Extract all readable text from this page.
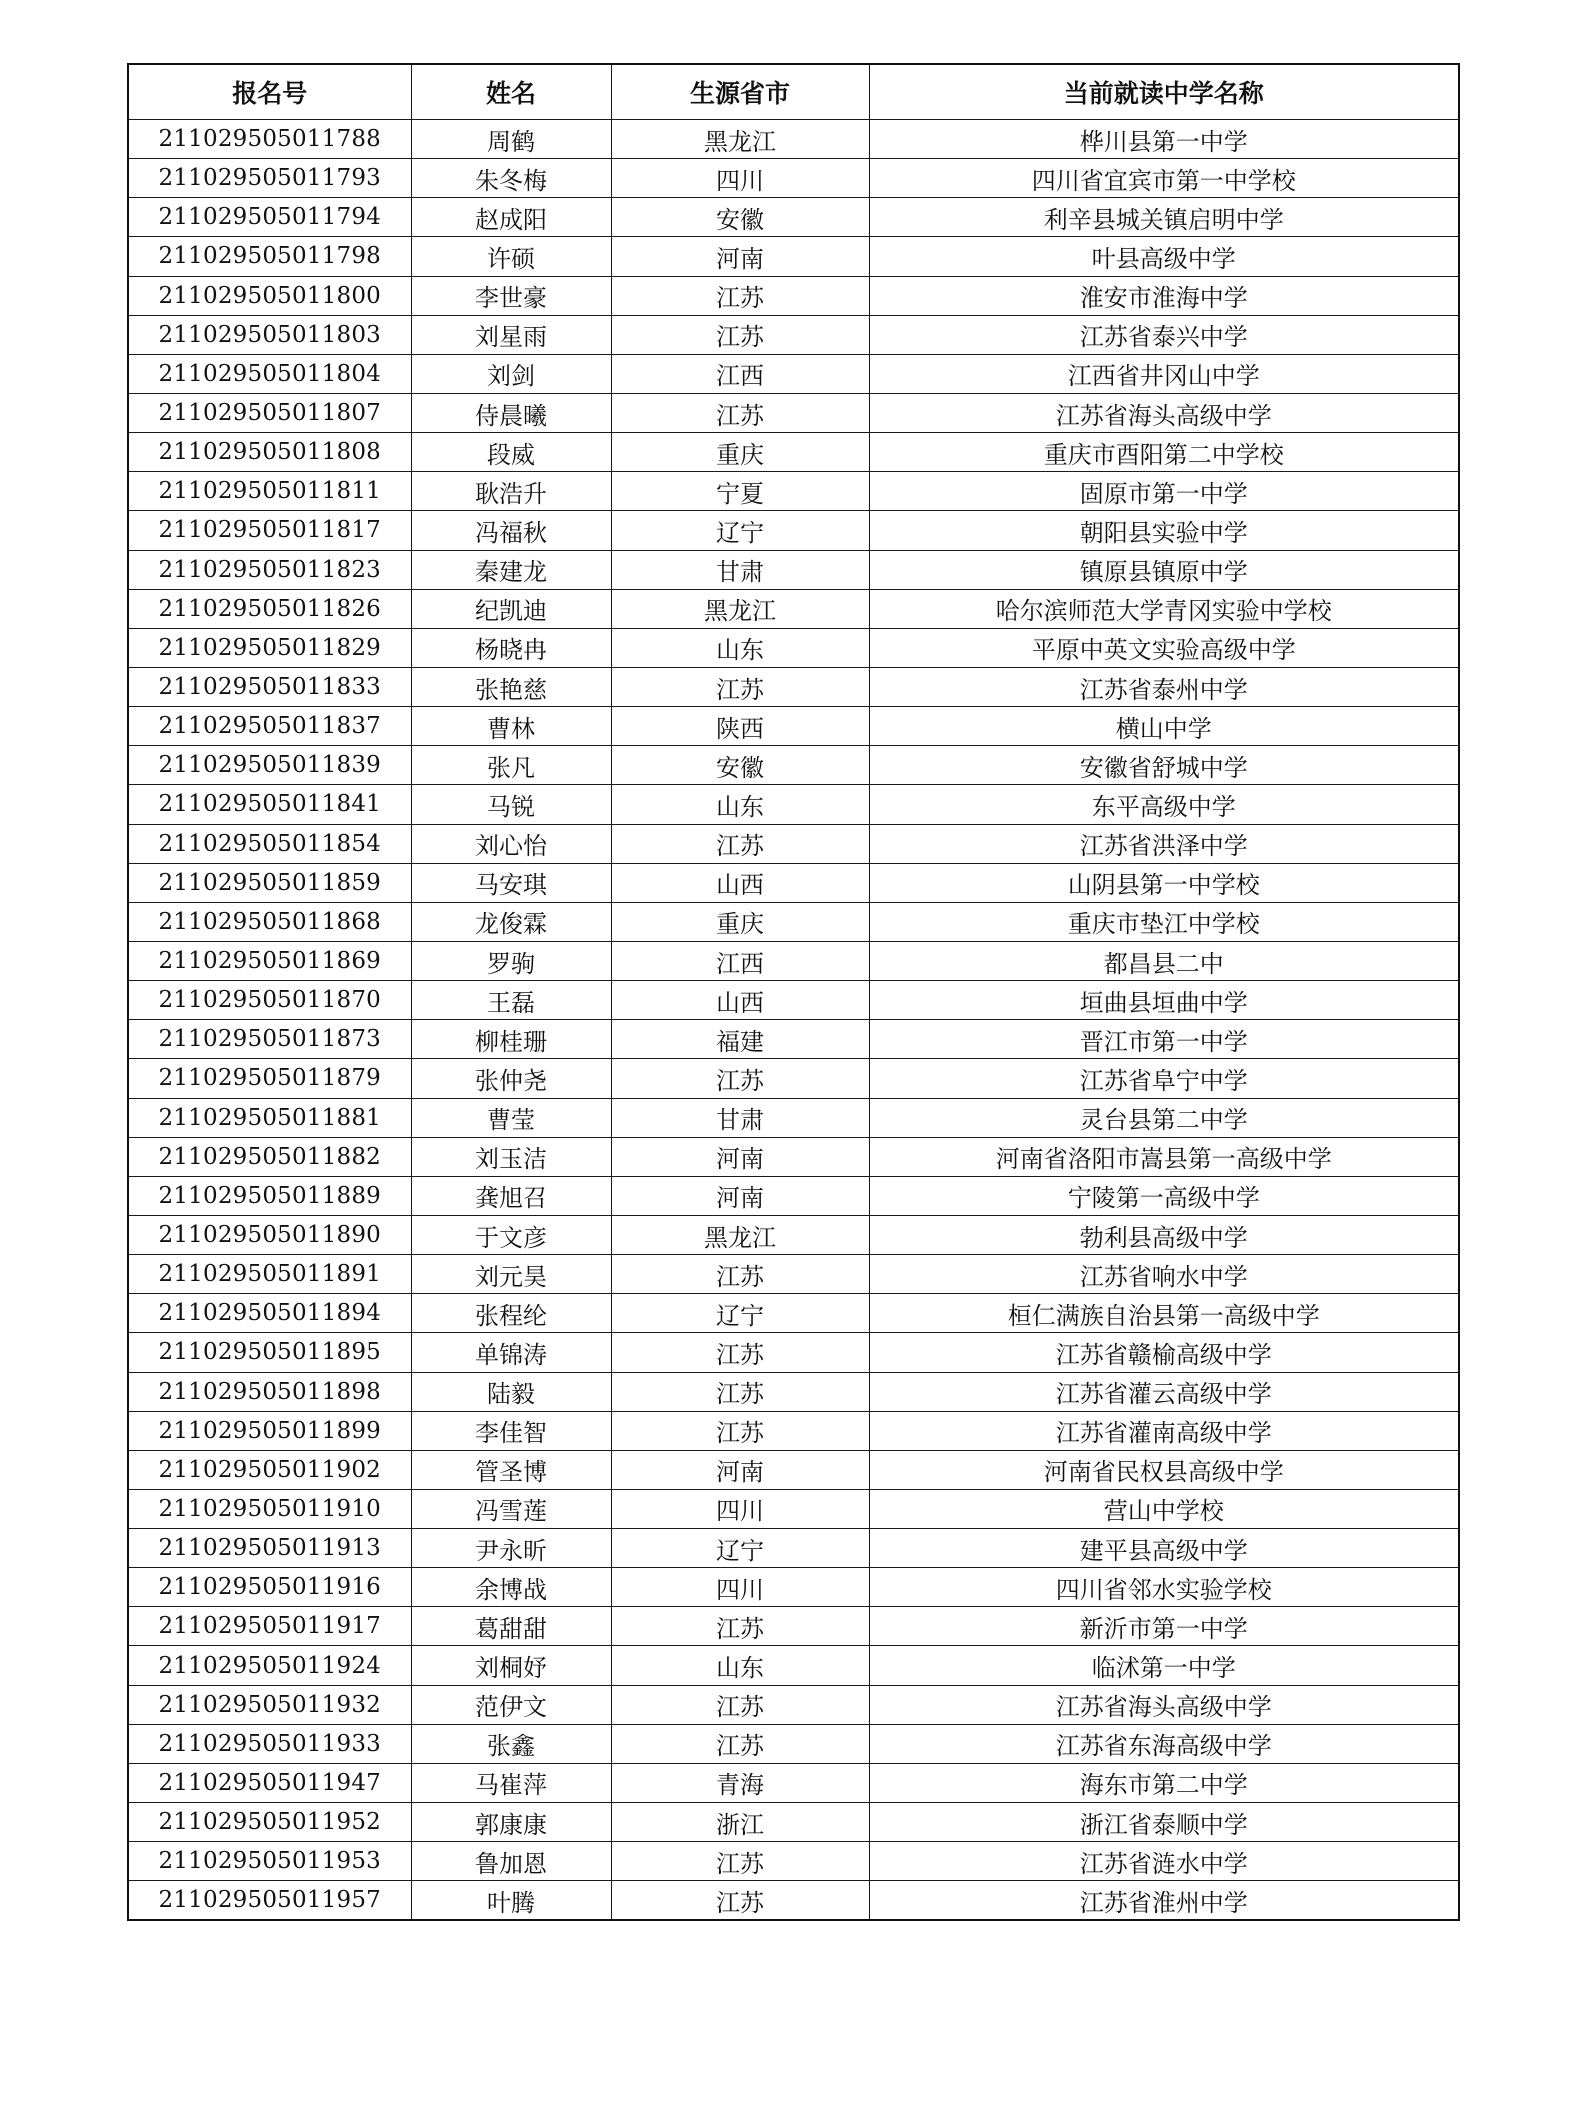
报名号	姓名	生源省市	当前就读中学名称
211029505011788	周鹤	黑龙江	桦川县第一中学
211029505011793	朱冬梅	四川	四川省宜宾市第一中学校
211029505011794	赵成阳	安徽	利辛县城关镇启明中学
211029505011798	许硕	河南	叶县高级中学
211029505011800	李世豪	江苏	淮安市淮海中学
211029505011803	刘星雨	江苏	江苏省泰兴中学
211029505011804	刘剑	江西	江西省井冈山中学
211029505011807	侍晨曦	江苏	江苏省海头高级中学
211029505011808	段威	重庆	重庆市酉阳第二中学校
211029505011811	耿浩升	宁夏	固原市第一中学
211029505011817	冯福秋	辽宁	朝阳县实验中学
211029505011823	秦建龙	甘肃	镇原县镇原中学
211029505011826	纪凯迪	黑龙江	哈尔滨师范大学青冈实验中学校
211029505011829	杨晓冉	山东	平原中英文实验高级中学
211029505011833	张艳慈	江苏	江苏省泰州中学
211029505011837	曹林	陕西	横山中学
211029505011839	张凡	安徽	安徽省舒城中学
211029505011841	马锐	山东	东平高级中学
211029505011854	刘心怡	江苏	江苏省洪泽中学
211029505011859	马安琪	山西	山阴县第一中学校
211029505011868	龙俊霖	重庆	重庆市垫江中学校
211029505011869	罗驹	江西	都昌县二中
211029505011870	王磊	山西	垣曲县垣曲中学
211029505011873	柳桂珊	福建	晋江市第一中学
211029505011879	张仲尧	江苏	江苏省阜宁中学
211029505011881	曹莹	甘肃	灵台县第二中学
211029505011882	刘玉洁	河南	河南省洛阳市嵩县第一高级中学
211029505011889	龚旭召	河南	宁陵第一高级中学
211029505011890	于文彦	黑龙江	勃利县高级中学
211029505011891	刘元昊	江苏	江苏省响水中学
211029505011894	张程纶	辽宁	桓仁满族自治县第一高级中学
211029505011895	单锦涛	江苏	江苏省赣榆高级中学
211029505011898	陆毅	江苏	江苏省灌云高级中学
211029505011899	李佳智	江苏	江苏省灌南高级中学
211029505011902	管圣博	河南	河南省民权县高级中学
211029505011910	冯雪莲	四川	营山中学校
211029505011913	尹永昕	辽宁	建平县高级中学
211029505011916	余博战	四川	四川省邻水实验学校
211029505011917	葛甜甜	江苏	新沂市第一中学
211029505011924	刘桐妤	山东	临沭第一中学
211029505011932	范伊文	江苏	江苏省海头高级中学
211029505011933	张鑫	江苏	江苏省东海高级中学
211029505011947	马崔萍	青海	海东市第二中学
211029505011952	郭康康	浙江	浙江省泰顺中学
211029505011953	鲁加恩	江苏	江苏省涟水中学
211029505011957	叶腾	江苏	江苏省淮州中学
